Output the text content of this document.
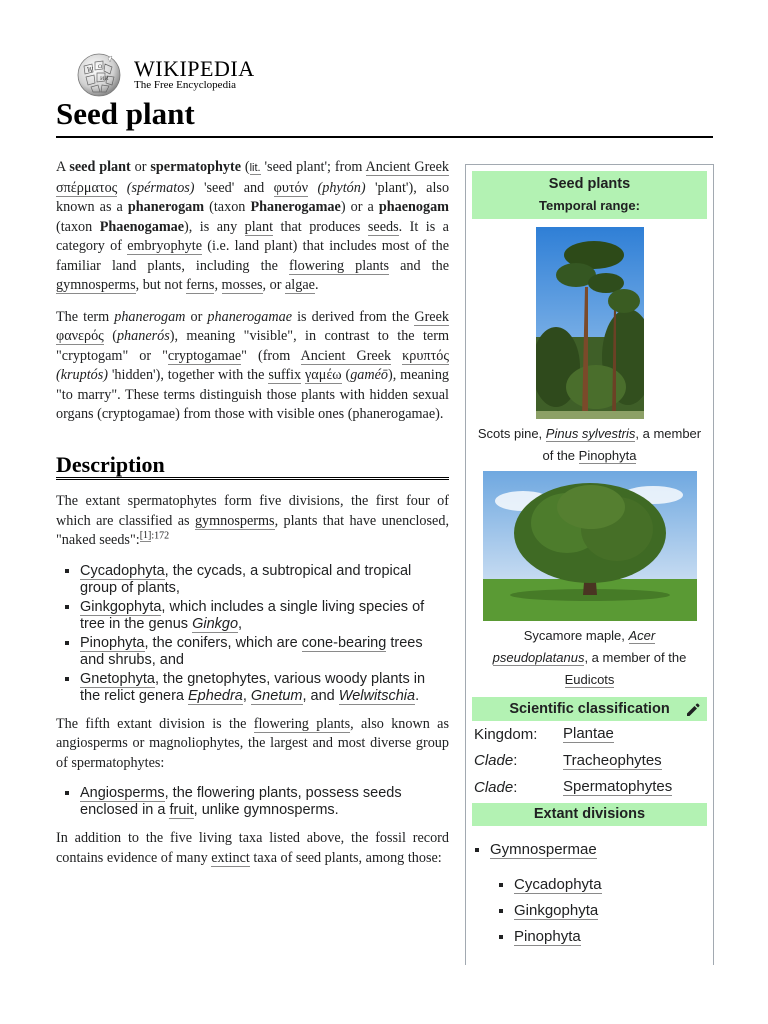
W Ω
ИИ WIKIPEDIA
The Free Encyclopedia
Seed plant

A seed plant or spermatophyte (lit. 'seed plant'; from Ancient Greek σπέρματος (spérmatos) 'seed' and φυτόν (phytón) 'plant'), also known as a phanerogam (taxon Phanerogamae) or a phaenogam (taxon Phaenogamae), is any plant that produces seeds. It is a category of embryophyte (i.e. land plant) that includes most of the familiar land plants, including the flowering plants and the gymnosperms, but not ferns, mosses, or algae.

The term phanerogam or phanerogamae is derived from the Greek φανερός (phanerós), meaning "visible", in contrast to the term "cryptogam" or "cryptogamae" (from Ancient Greek κρυπτός (kruptós) 'hidden'), together with the suffix γαμέω (gaméō), meaning "to marry". These terms distinguish those plants with hidden sexual organs (cryptogamae) from those with visible ones (phanerogamae).

Description

The extant spermatophytes form five divisions, the first four of which are classified as gymnosperms, plants that have unenclosed, "naked seeds":$^{[1]:172}$

▪ Cycadophyta, the cycads, a subtropical and tropical group of plants,
▪ Ginkgophyta, which includes a single living species of tree in the genus Ginkgo,
▪ Pinophyta, the conifers, which are cone-bearing trees and shrubs, and
▪ Gnetophyta, the gnetophytes, various woody plants in the relict genera Ephedra, Gnetum, and Welwitschia.

The fifth extant division is the flowering plants, also known as angiosperms or magnoliophytes, the largest and most diverse group of spermatophytes:

▪ Angiosperms, the flowering plants, possess seeds enclosed in a fruit, unlike gymnosperms.

In addition to the five living taxa listed above, the fossil record contains evidence of many extinct taxa of seed plants, among those:

Seed plants
Temporal range:
Scots pine, Pinus sylvestris, a member of the Pinophyta
Sycamore maple, Acer pseudoplatanus, a member of the Eudicots
Scientific classification
Kingdom:	Plantae
Clade:	Tracheophytes
Clade:	Spermatophytes
Extant divisions
▪ Gymnospermae
▪ Cycadophyta
▪ Ginkgophyta
▪ Pinophyta
